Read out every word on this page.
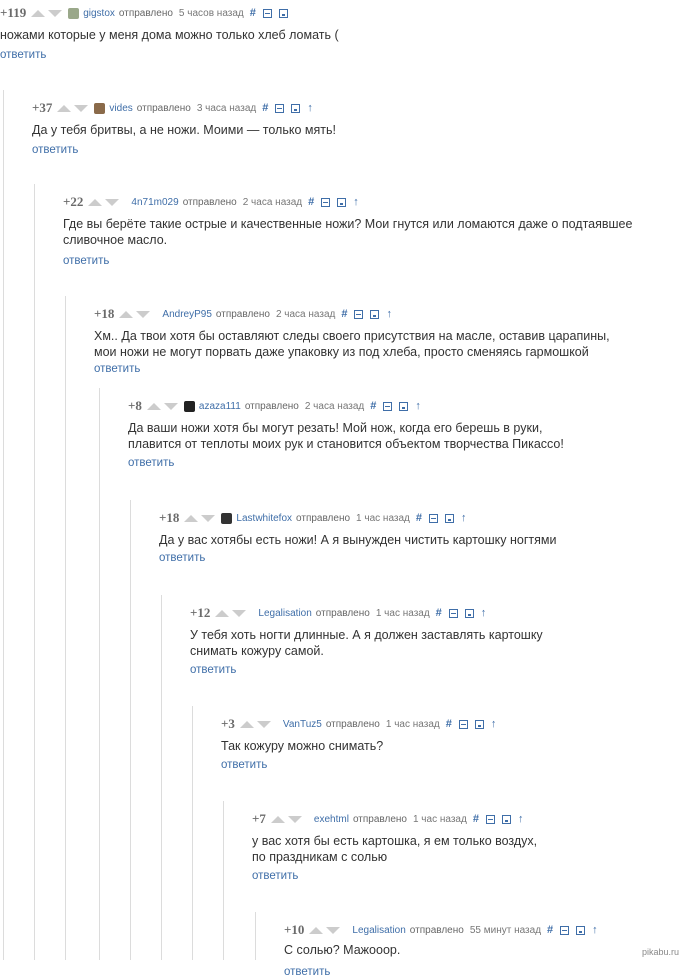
+119	gigstox отправлено 5 часов назад #
ножами которые у меня дома можно только хлеб ломать (
ответить
+37	vides отправлено 3 часа назад #	↑
Да у тебя бритвы, а не ножи. Моими — только мять!
ответить
+22	4n71m029 отправлено 2 часа назад #	↑
Где вы берёте такие острые и качественные ножи? Мои гнутся или ломаются даже о подтаявшее
сливочное масло.
ответить
+18	AndreyP95 отправлено 2 часа назад #	↑
Хм.. Да твои хотя бы оставляют следы своего присутствия на масле, оставив царапины,
мои ножи не могут порвать даже упаковку из под хлеба, просто сменяясь гармошкой
ответить
+8	azaza111 отправлено 2 часа назад #	↑
Да ваши ножи хотя бы могут резать! Мой нож, когда его берешь в руки,
плавится от теплоты моих рук и становится объектом творчества Пикассо!
ответить
+18	Lastwhitefox отправлено 1 час назад #	↑
Да у вас хотябы есть ножи! А я вынужден чистить картошку ногтями
ответить
+12	Legalisation отправлено 1 час назад #	↑
У тебя хоть ногти длинные. А я должен заставлять картошку
снимать кожуру самой.
ответить
+3	VanTuz5 отправлено 1 час назад #	↑
Так кожуру можно снимать?
ответить
+7	exehtml отправлено 1 час назад #	↑
у вас хотя бы есть картошка, я ем только воздух,
по праздникам с солью
ответить
+10	Legalisation отправлено 55 минут назад #	↑
С солью? Мажооор.
ответить
pikabu.ru
